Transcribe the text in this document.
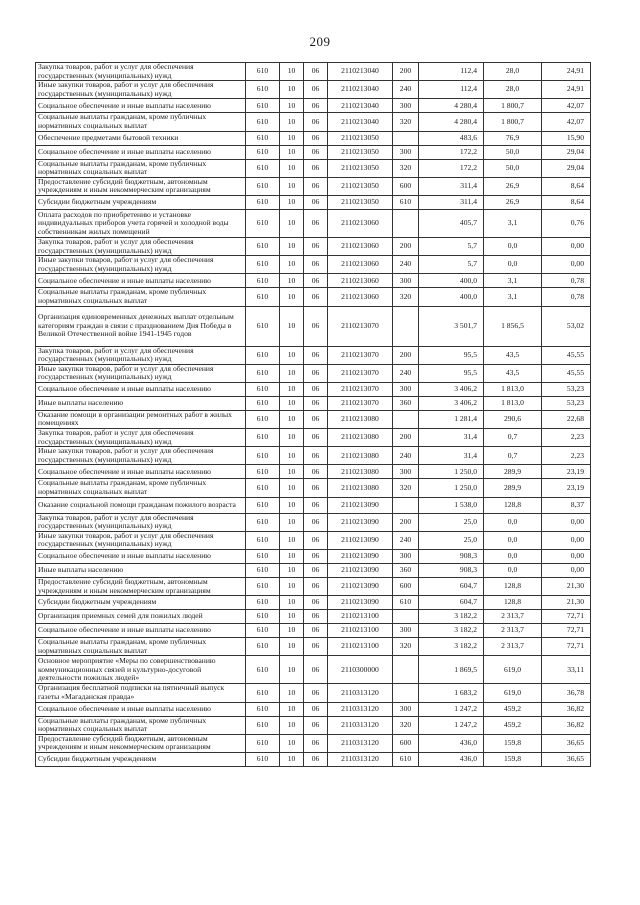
209
Закупка товаров, работ и услуг для обеспечения государственных (муниципальных) нужд	610	10	06	2110213040	200	112,4	28,0	24,91
Иные закупки товаров, работ и услуг для обеспечения государственных (муниципальных) нужд	610	10	06	2110213040	240	112,4	28,0	24,91
Социальное обеспечение и иные выплаты населению	610	10	06	2110213040	300	4 280,4	1 800,7	42,07
Социальные выплаты гражданам, кроме публичных нормативных социальных выплат	610	10	06	2110213040	320	4 280,4	1 800,7	42,07
Обеспечение предметами бытовой техники	610	10	06	2110213050		483,6	76,9	15,90
Социальное обеспечение и иные выплаты населению	610	10	06	2110213050	300	172,2	50,0	29,04
Социальные выплаты гражданам, кроме публичных нормативных социальных выплат	610	10	06	2110213050	320	172,2	50,0	29,04
Предоставление субсидий бюджетным, автономным учреждениям и иным некоммерческим организациям	610	10	06	2110213050	600	311,4	26,9	8,64
Субсидии бюджетным учреждениям	610	10	06	2110213050	610	311,4	26,9	8,64
Оплата расходов по приобретению и установке индивидуальных приборов учета горячей и холодной воды собственникам жилых помещений	610	10	06	2110213060		405,7	3,1	0,76
Закупка товаров, работ и услуг для обеспечения государственных (муниципальных) нужд	610	10	06	2110213060	200	5,7	0,0	0,00
Иные закупки товаров, работ и услуг для обеспечения государственных (муниципальных) нужд	610	10	06	2110213060	240	5,7	0,0	0,00
Социальное обеспечение и иные выплаты населению	610	10	06	2110213060	300	400,0	3,1	0,78
Социальные выплаты гражданам, кроме публичных нормативных социальных выплат	610	10	06	2110213060	320	400,0	3,1	0,78
Организация единовременных денежных выплат отдельным категориям граждан в связи с празднованием Дня Победы в Великой Отечественной войне 1941-1945 годов	610	10	06	2110213070		3 501,7	1 856,5	53,02
Закупка товаров, работ и услуг для обеспечения государственных (муниципальных) нужд	610	10	06	2110213070	200	95,5	43,5	45,55
Иные закупки товаров, работ и услуг для обеспечения государственных (муниципальных) нужд	610	10	06	2110213070	240	95,5	43,5	45,55
Социальное обеспечение и иные выплаты населению	610	10	06	2110213070	300	3 406,2	1 813,0	53,23
Иные выплаты населению	610	10	06	2110213070	360	3 406,2	1 813,0	53,23
Оказание помощи в организации ремонтных работ в жилых помещениях	610	10	06	2110213080		1 281,4	290,6	22,68
Закупка товаров, работ и услуг для обеспечения государственных (муниципальных) нужд	610	10	06	2110213080	200	31,4	0,7	2,23
Иные закупки товаров, работ и услуг для обеспечения государственных (муниципальных) нужд	610	10	06	2110213080	240	31,4	0,7	2,23
Социальное обеспечение и иные выплаты населению	610	10	06	2110213080	300	1 250,0	289,9	23,19
Социальные выплаты гражданам, кроме публичных нормативных социальных выплат	610	10	06	2110213080	320	1 250,0	289,9	23,19
Оказание социальной помощи гражданам пожилого возраста	610	10	06	2110213090		1 538,0	128,8	8,37
Закупка товаров, работ и услуг для обеспечения государственных (муниципальных) нужд	610	10	06	2110213090	200	25,0	0,0	0,00
Иные закупки товаров, работ и услуг для обеспечения государственных (муниципальных) нужд	610	10	06	2110213090	240	25,0	0,0	0,00
Социальное обеспечение и иные выплаты населению	610	10	06	2110213090	300	908,3	0,0	0,00
Иные выплаты населению	610	10	06	2110213090	360	908,3	0,0	0,00
Предоставление субсидий бюджетным, автономным учреждениям и иным некоммерческим организациям	610	10	06	2110213090	600	604,7	128,8	21,30
Субсидии бюджетным учреждениям	610	10	06	2110213090	610	604,7	128,8	21,30
Организация приемных семей для пожилых людей	610	10	06	2110213100		3 182,2	2 313,7	72,71
Социальное обеспечение и иные выплаты населению	610	10	06	2110213100	300	3 182,2	2 313,7	72,71
Социальные выплаты гражданам, кроме публичных нормативных социальных выплат	610	10	06	2110213100	320	3 182,2	2 313,7	72,71
Основное мероприятие «Меры по совершенствованию коммуникационных связей и культурно-досуговой деятельности пожилых людей»	610	10	06	2110300000		1 869,5	619,0	33,11
Организация бесплатной подписки на пятничный выпуск газеты «Магаданская правда»	610	10	06	2110313120		1 683,2	619,0	36,78
Социальное обеспечение и иные выплаты населению	610	10	06	2110313120	300	1 247,2	459,2	36,82
Социальные выплаты гражданам, кроме публичных нормативных социальных выплат	610	10	06	2110313120	320	1 247,2	459,2	36,82
Предоставление субсидий бюджетным, автономным учреждениям и иным некоммерческим организациям	610	10	06	2110313120	600	436,0	159,8	36,65
Субсидии бюджетным учреждениям	610	10	06	2110313120	610	436,0	159,8	36,65
